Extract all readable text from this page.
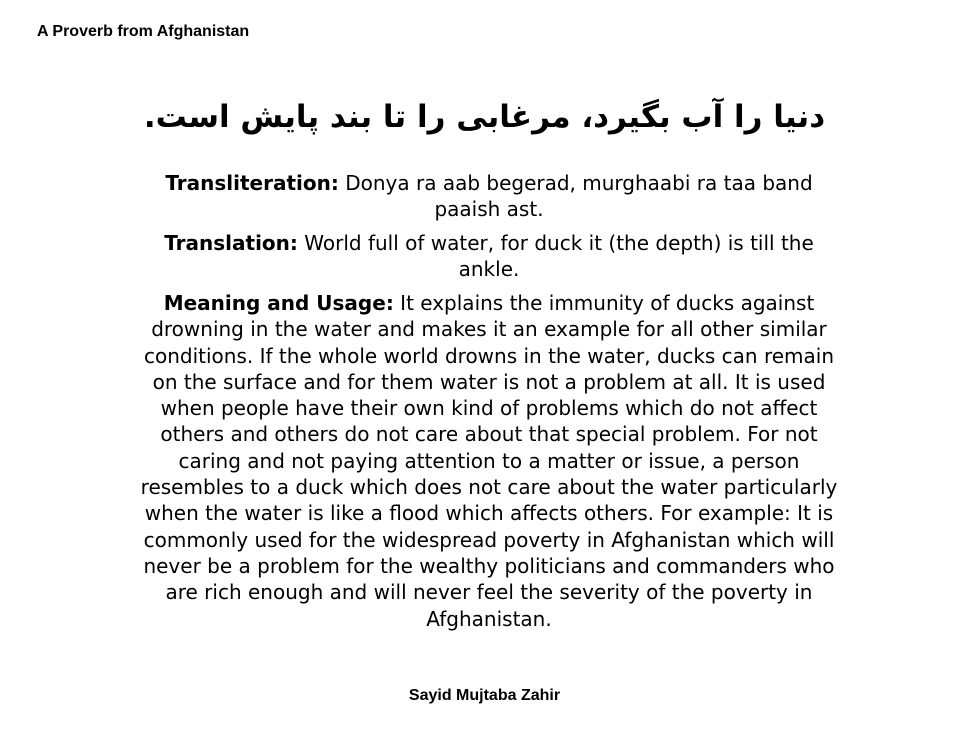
A Proverb from Afghanistan
دنیا را آب بگیرد، مرغابی را تا بند پایش است.
Transliteration: Donya ra aab begerad, murghaabi ra taa band paaish ast.
Translation: World full of water, for duck it (the depth) is till the ankle.
Meaning and Usage: It explains the immunity of ducks against drowning in the water and makes it an example for all other similar conditions. If the whole world drowns in the water, ducks can remain on the surface and for them water is not a problem at all. It is used when people have their own kind of problems which do not affect others and others do not care about that special problem. For not caring and not paying attention to a matter or issue, a person resembles to a duck which does not care about the water particularly when the water is like a flood which affects others. For example: It is commonly used for the widespread poverty in Afghanistan which will never be a problem for the wealthy politicians and commanders who are rich enough and will never feel the severity of the poverty in Afghanistan.
Sayid Mujtaba Zahir
